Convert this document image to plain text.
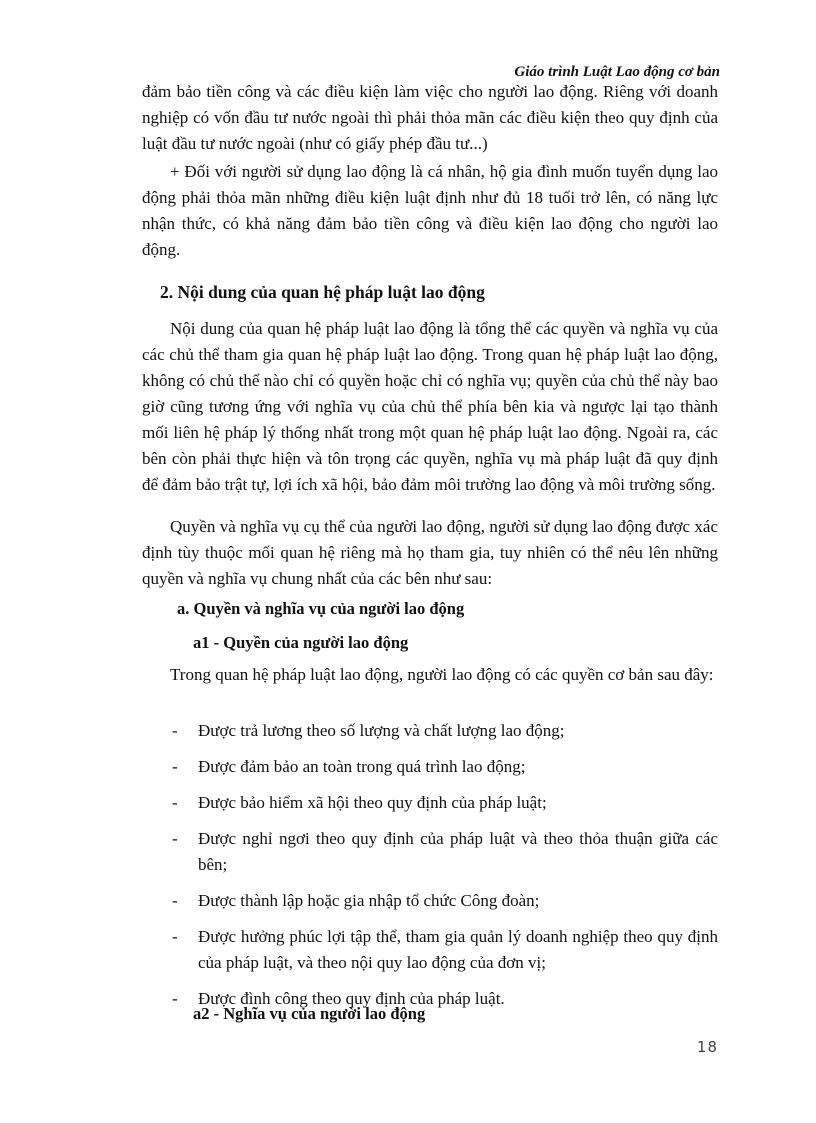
Giáo trình Luật Lao động cơ bản

đảm bảo tiền công và các điều kiện làm việc cho người lao động. Riêng với doanh nghiệp có vốn đầu tư nước ngoài thì phải thỏa mãn các điều kiện theo quy định của luật đầu tư nước ngoài (như có giấy phép đầu tư...)

+ Đối với người sử dụng lao động là cá nhân, hộ gia đình muốn tuyển dụng lao động phải thỏa mãn những điều kiện luật định như đủ 18 tuổi trở lên, có năng lực nhận thức, có khả năng đảm bảo tiền công và điều kiện lao động cho người lao động.

2. Nội dung của quan hệ pháp luật lao động

Nội dung của quan hệ pháp luật lao động là tổng thể các quyền và nghĩa vụ của các chủ thể tham gia quan hệ pháp luật lao động. Trong quan hệ pháp luật lao động, không có chủ thể nào chỉ có quyền hoặc chỉ có nghĩa vụ; quyền của chủ thể này bao giờ cũng tương ứng với nghĩa vụ của chủ thể phía bên kia và ngược lại tạo thành mối liên hệ pháp lý thống nhất trong một quan hệ pháp luật lao động. Ngoài ra, các bên còn phải thực hiện và tôn trọng các quyền, nghĩa vụ mà pháp luật đã quy định để đảm bảo trật tự, lợi ích xã hội, bảo đảm môi trường lao động và môi trường sống.

Quyền và nghĩa vụ cụ thể của người lao động, người sử dụng lao động được xác định tùy thuộc mối quan hệ riêng mà họ tham gia, tuy nhiên có thể nêu lên những quyền và nghĩa vụ chung nhất của các bên như sau:

a. Quyền và nghĩa vụ của người lao động
a1 - Quyền của người lao động

Trong quan hệ pháp luật lao động, người lao động có các quyền cơ bản sau đây:

- Được trả lương theo số lượng và chất lượng lao động;
- Được đảm bảo an toàn trong quá trình lao động;
- Được bảo hiểm xã hội theo quy định của pháp luật;
- Được nghỉ ngơi theo quy định của pháp luật và theo thỏa thuận giữa các bên;
- Được thành lập hoặc gia nhập tổ chức Công đoàn;
- Được hưởng phúc lợi tập thể, tham gia quản lý doanh nghiệp theo quy định của pháp luật, và theo nội quy lao động của đơn vị;
- Được đình công theo quy định của pháp luật.
a2 - Nghĩa vụ của người lao động
18
